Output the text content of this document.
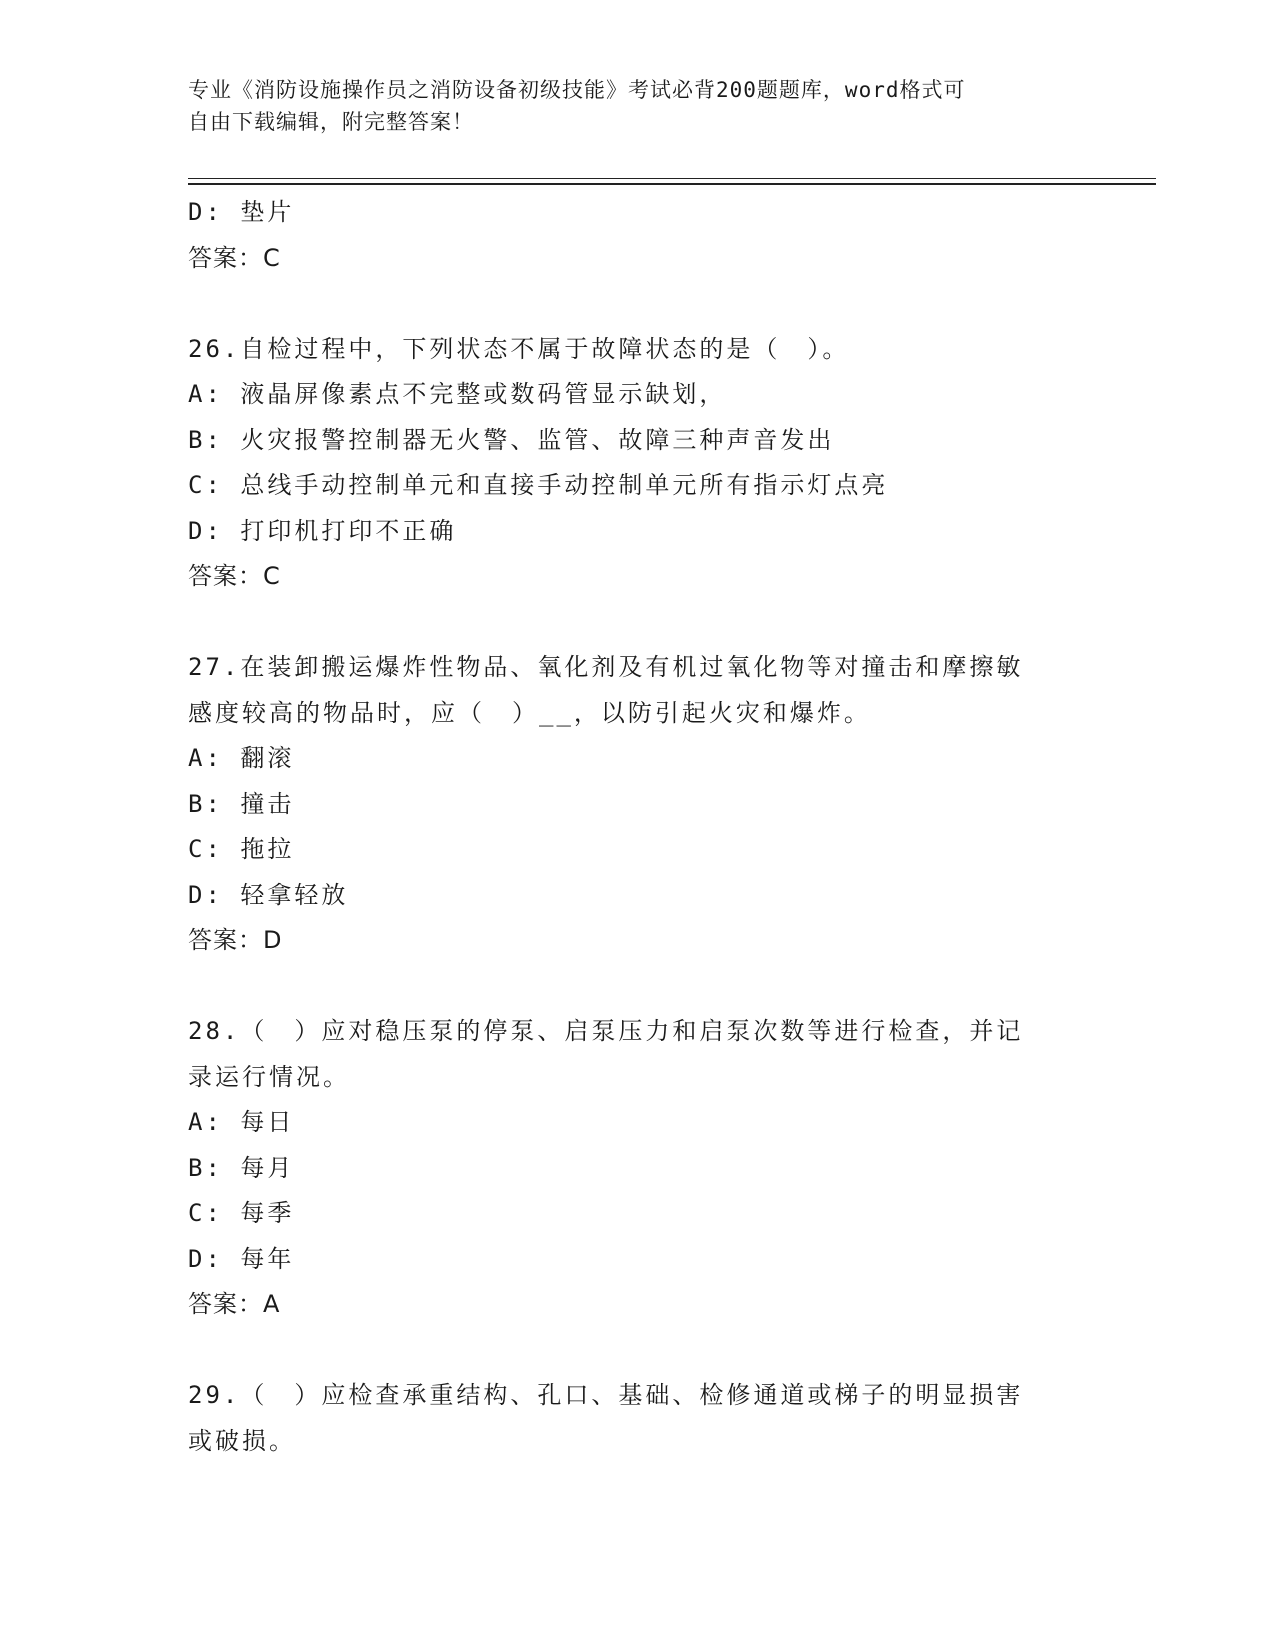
专业《消防设施操作员之消防设备初级技能》考试必背200题题库，word格式可
自由下载编辑，附完整答案！
D: 垫片
答案：C
26.自检过程中，下列状态不属于故障状态的是（　）。
A: 液晶屏像素点不完整或数码管显示缺划，
B: 火灾报警控制器无火警、监管、故障三种声音发出
C: 总线手动控制单元和直接手动控制单元所有指示灯点亮
D: 打印机打印不正确
答案：C
27.在装卸搬运爆炸性物品、氧化剂及有机过氧化物等对撞击和摩擦敏
感度较高的物品时，应（　）__，以防引起火灾和爆炸。
A: 翻滚
B: 撞击
C: 拖拉
D: 轻拿轻放
答案：D
28.（　）应对稳压泵的停泵、启泵压力和启泵次数等进行检查，并记
录运行情况。
A: 每日
B: 每月
C: 每季
D: 每年
答案：A
29.（　）应检查承重结构、孔口、基础、检修通道或梯子的明显损害
或破损。
